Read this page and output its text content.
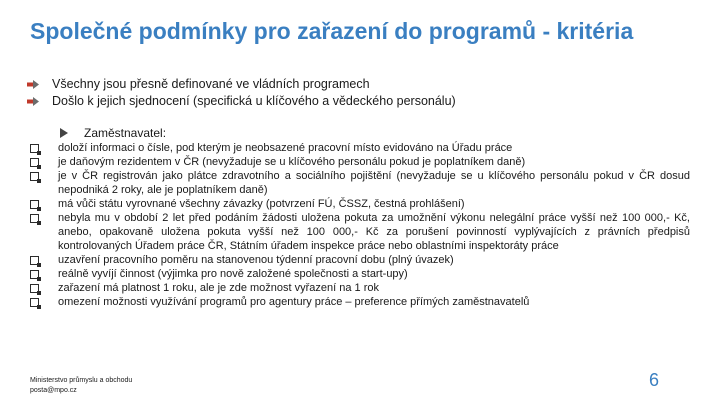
Společné podmínky pro zařazení do programů - kritéria
Všechny jsou přesně definované ve vládních programech
Došlo k jejich sjednocení (specifická u klíčového a vědeckého personálu)
Zaměstnavatel:
doloží informaci o čísle, pod kterým je neobsazené pracovní místo evidováno na Úřadu práce
je daňovým rezidentem v ČR (nevyžaduje se u klíčového personálu pokud je poplatníkem daně)
je v ČR registrován jako plátce zdravotního a sociálního pojištění (nevyžaduje se u klíčového personálu pokud v ČR dosud nepodniká 2 roky, ale je poplatníkem daně)
má vůči státu vyrovnané všechny závazky (potvrzení FÚ, ČSSZ, čestná prohlášení)
nebyla mu v období 2 let před podáním žádosti uložena pokuta za umožnění výkonu nelegální práce vyšší než 100 000,- Kč, anebo, opakovaně uložena pokuta vyšší než 100 000,- Kč za porušení povinností vyplývajících z právních předpisů kontrolovaných Úřadem práce ČR, Státním úřadem inspekce práce nebo oblastními inspektoráty práce
uzavření pracovního poměru na stanovenou týdenní pracovní dobu (plný úvazek)
reálně vyvíjí činnost (výjimka pro nově založené společnosti a start-upy)
zařazení má platnost 1 roku, ale je zde možnost vyřazení na 1 rok
omezení možnosti využívání programů pro agentury práce – preference přímých zaměstnavatelů
Ministerstvo průmyslu a obchodu
posta@mpo.cz
6
